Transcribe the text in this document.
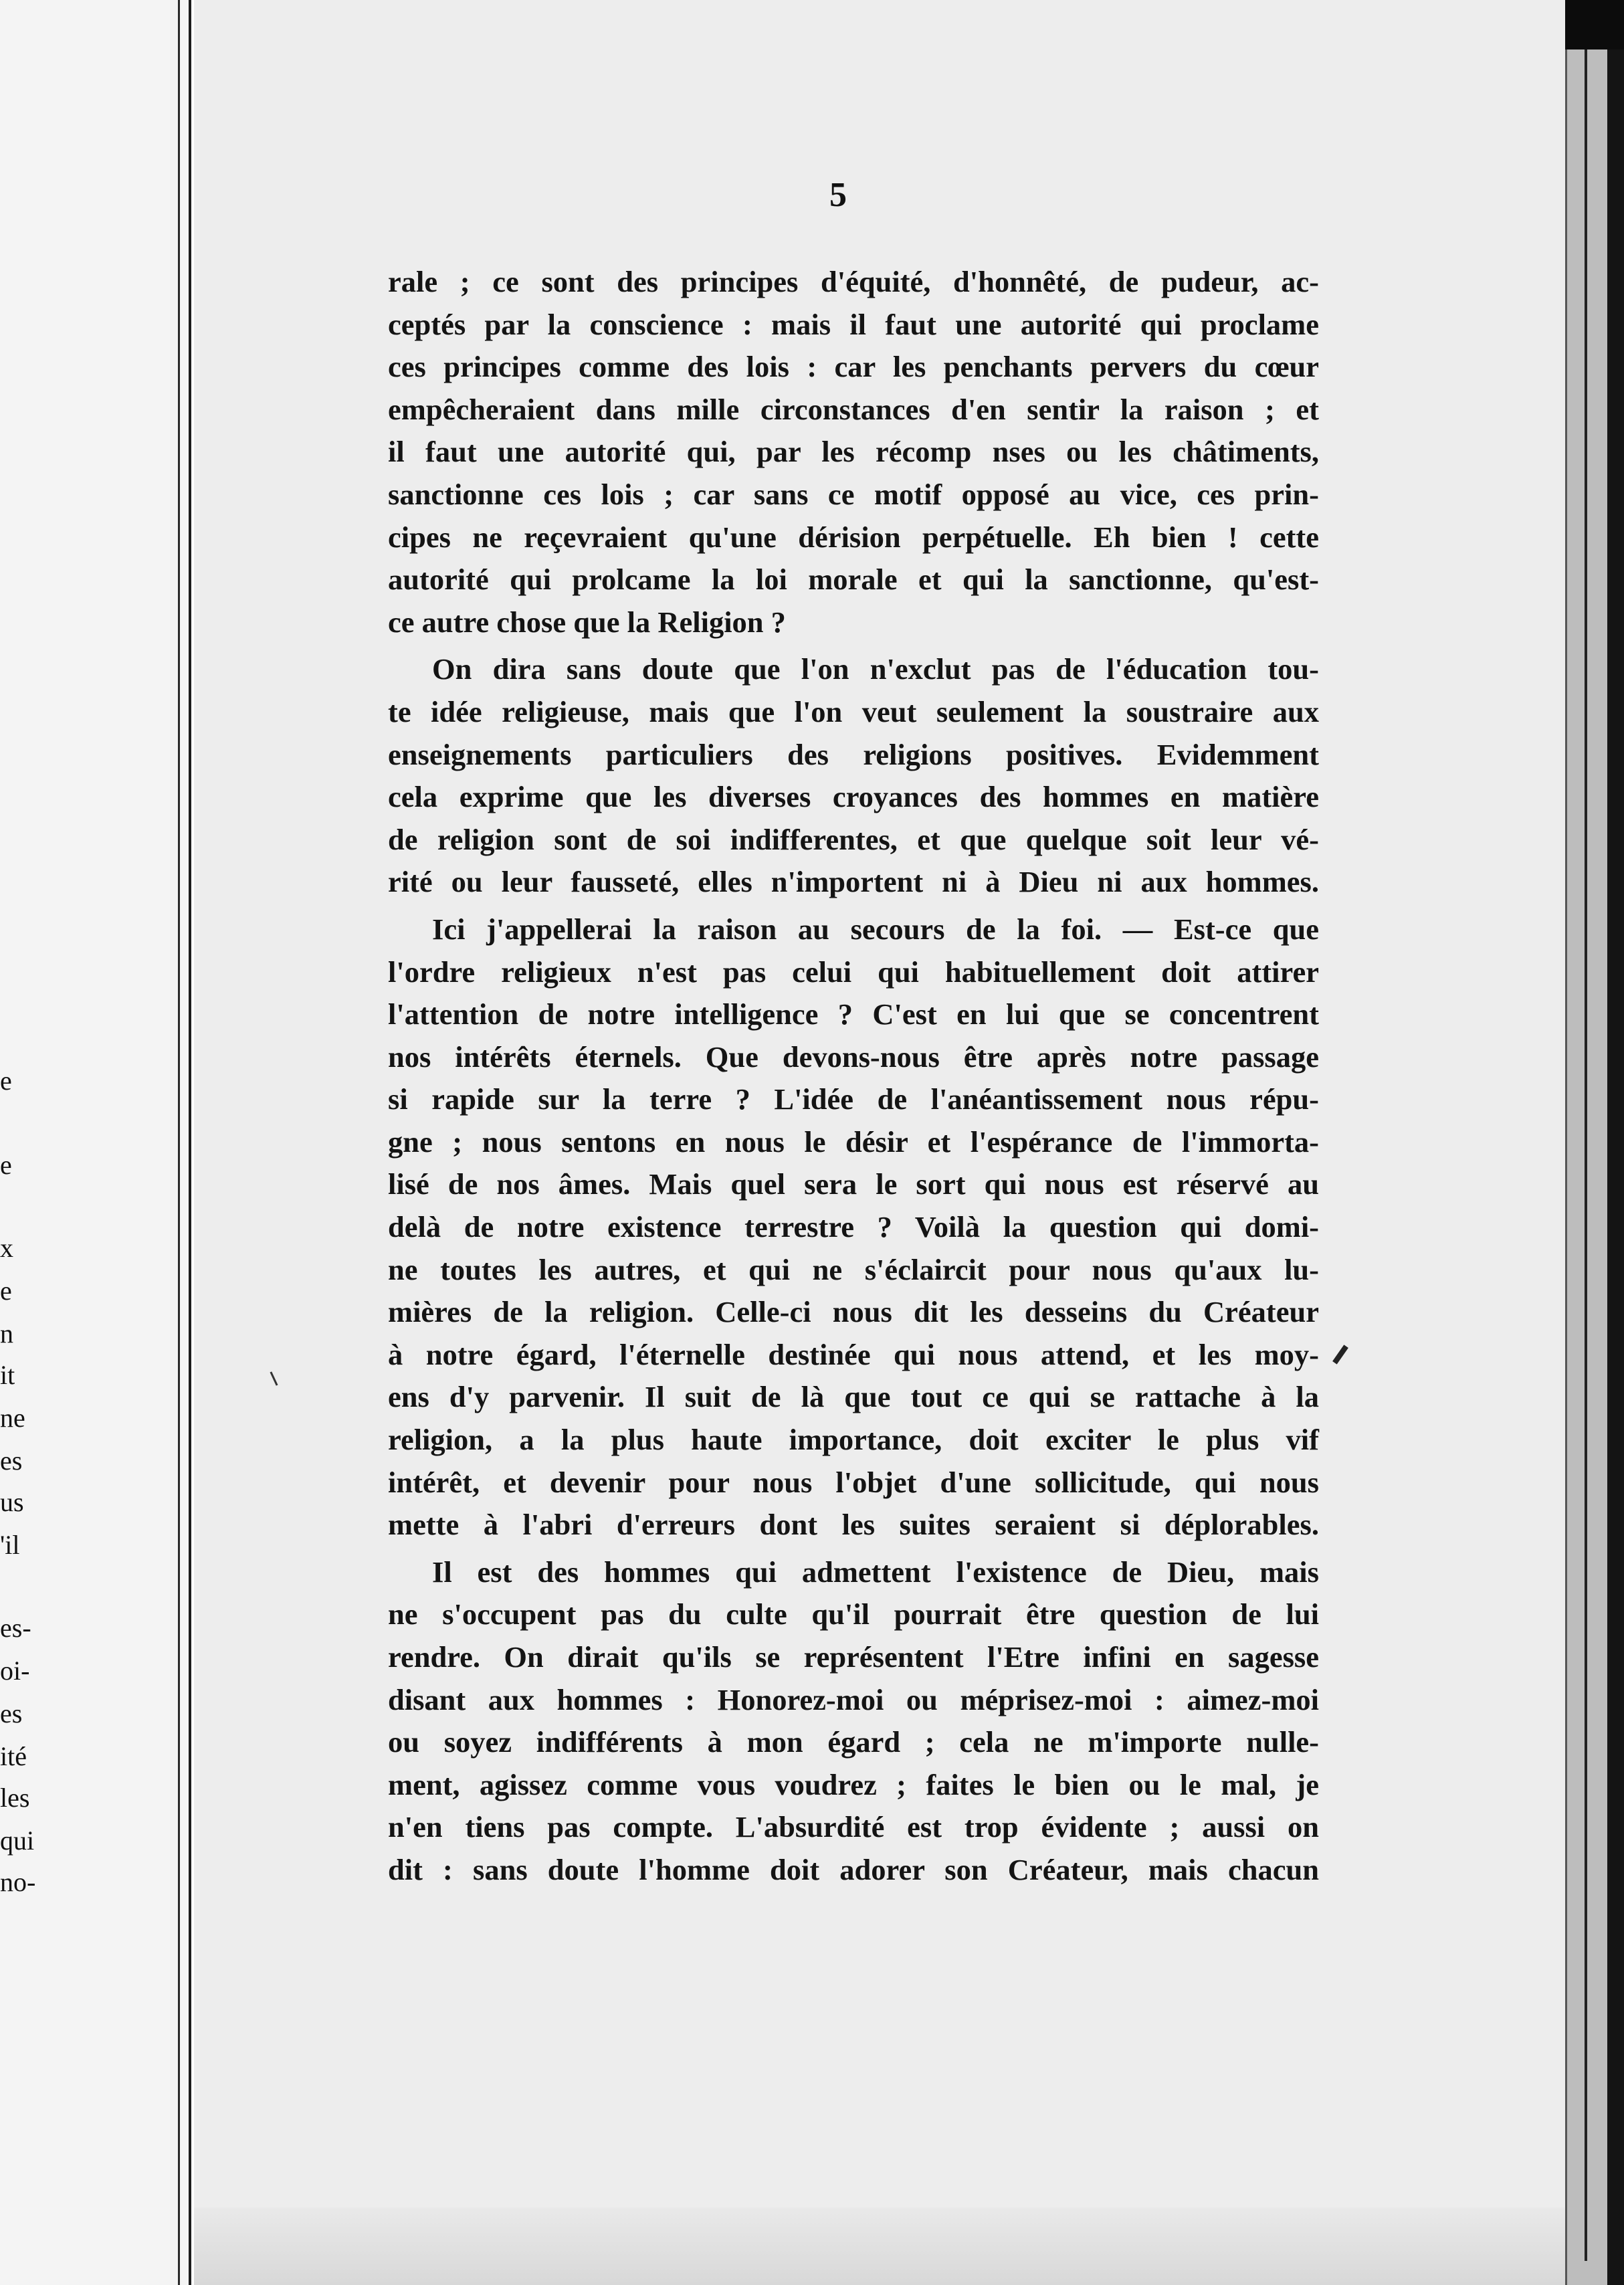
e
e
x
e
n
it
ne
es
us
'il
es-
oi-
es
ité
les
qui
no-
5
rale ; ce sont des principes d'équité, d'honnêté, de pudeur, ac-
ceptés par la conscience : mais il faut une autorité qui proclame
ces principes comme des lois : car les penchants pervers du cœur
empêcheraient dans mille circonstances d'en sentir la raison ; et
il faut une autorité qui, par les récomp nses ou les châtiments,
sanctionne ces lois ; car sans ce motif opposé au vice, ces prin-
cipes ne reçevraient qu'une dérision perpétuelle. Eh bien ! cette
autorité qui prolcame la loi morale et qui la sanctionne, qu'est-
ce autre chose que la Religion ?
On dira sans doute que l'on n'exclut pas de l'éducation tou-
te idée religieuse, mais que l'on veut seulement la soustraire aux
enseignements particuliers des religions positives. Evidemment
cela exprime que les diverses croyances des hommes en matière
de religion sont de soi indifferentes, et que quelque soit leur vé-
rité ou leur fausseté, elles n'importent ni à Dieu ni aux hommes.
Ici j'appellerai la raison au secours de la foi. — Est-ce que
l'ordre religieux n'est pas celui qui habituellement doit attirer
l'attention de notre intelligence ? C'est en lui que se concentrent
nos intérêts éternels. Que devons-nous être après notre passage
si rapide sur la terre ? L'idée de l'anéantissement nous répu-
gne ; nous sentons en nous le désir et l'espérance de l'immorta-
lisé de nos âmes. Mais quel sera le sort qui nous est réservé au
delà de notre existence terrestre ? Voilà la question qui domi-
ne toutes les autres, et qui ne s'éclaircit pour nous qu'aux lu-
mières de la religion. Celle-ci nous dit les desseins du Créateur
à notre égard, l'éternelle destinée qui nous attend, et les moy-
ens d'y parvenir. Il suit de là que tout ce qui se rattache à la
religion, a la plus haute importance, doit exciter le plus vif
intérêt, et devenir pour nous l'objet d'une sollicitude, qui nous
mette à l'abri d'erreurs dont les suites seraient si déplorables.
Il est des hommes qui admettent l'existence de Dieu, mais
ne s'occupent pas du culte qu'il pourrait être question de lui
rendre. On dirait qu'ils se représentent l'Etre infini en sagesse
disant aux hommes : Honorez-moi ou méprisez-moi : aimez-moi
ou soyez indifférents à mon égard ; cela ne m'importe nulle-
ment, agissez comme vous voudrez ; faites le bien ou le mal, je
n'en tiens pas compte. L'absurdité est trop évidente ; aussi on
dit : sans doute l'homme doit adorer son Créateur, mais chacun
